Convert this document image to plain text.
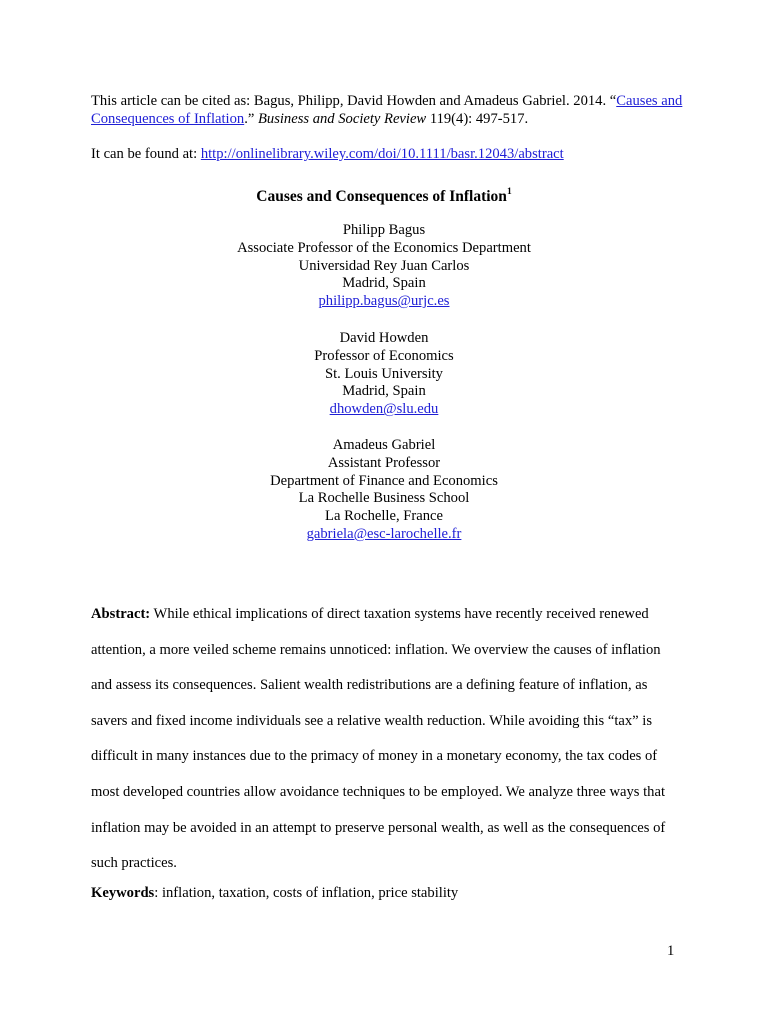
This article can be cited as: Bagus, Philipp, David Howden and Amadeus Gabriel. 2014. “Causes and Consequences of Inflation.” Business and Society Review 119(4): 497-517.
It can be found at: http://onlinelibrary.wiley.com/doi/10.1111/basr.12043/abstract
Causes and Consequences of Inflation$^1$
Philipp Bagus
Associate Professor of the Economics Department
Universidad Rey Juan Carlos
Madrid, Spain
philipp.bagus@urjc.es
David Howden
Professor of Economics
St. Louis University
Madrid, Spain
dhowden@slu.edu
Amadeus Gabriel
Assistant Professor
Department of Finance and Economics
La Rochelle Business School
La Rochelle, France
gabriela@esc-larochelle.fr
Abstract: While ethical implications of direct taxation systems have recently received renewed attention, a more veiled scheme remains unnoticed: inflation. We overview the causes of inflation and assess its consequences. Salient wealth redistributions are a defining feature of inflation, as savers and fixed income individuals see a relative wealth reduction. While avoiding this “tax” is difficult in many instances due to the primacy of money in a monetary economy, the tax codes of most developed countries allow avoidance techniques to be employed. We analyze three ways that inflation may be avoided in an attempt to preserve personal wealth, as well as the consequences of such practices.
Keywords: inflation, taxation, costs of inflation, price stability
1
